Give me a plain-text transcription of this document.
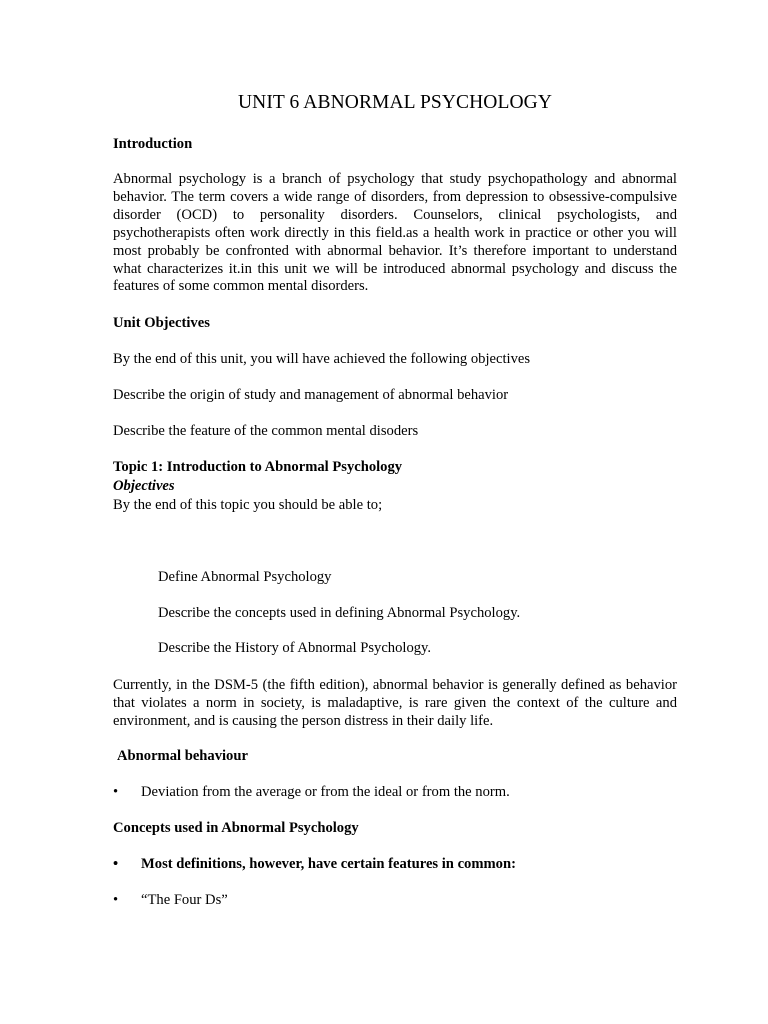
UNIT 6 ABNORMAL PSYCHOLOGY
Introduction
Abnormal psychology is a branch of psychology that study psychopathology and abnormal behavior. The term covers a wide range of disorders, from depression to obsessive-compulsive disorder (OCD) to personality disorders. Counselors, clinical psychologists, and psychotherapists often work directly in this field.as a health work in practice or other you will most probably be confronted with abnormal behavior. It’s therefore important to understand what characterizes it.in this unit we will be introduced abnormal psychology and discuss the features of some common mental disorders.
Unit Objectives
By the end of this unit, you will have achieved the following objectives
Describe the origin of study and management of abnormal behavior
Describe the feature of the common mental disoders
Topic 1: Introduction to Abnormal Psychology
Objectives
By the end of this topic you should be able to;
Define Abnormal Psychology
Describe the concepts used in defining Abnormal Psychology.
Describe the History of Abnormal Psychology.
Currently, in the DSM-5 (the fifth edition), abnormal behavior is generally defined as behavior that violates a norm in society, is maladaptive, is rare given the context of the culture and environment, and is causing the person distress in their daily life.
Abnormal behaviour
• Deviation from the average or from the ideal or from the norm.
Concepts used in Abnormal Psychology
• Most definitions, however, have certain features in common:
• “The Four Ds”
